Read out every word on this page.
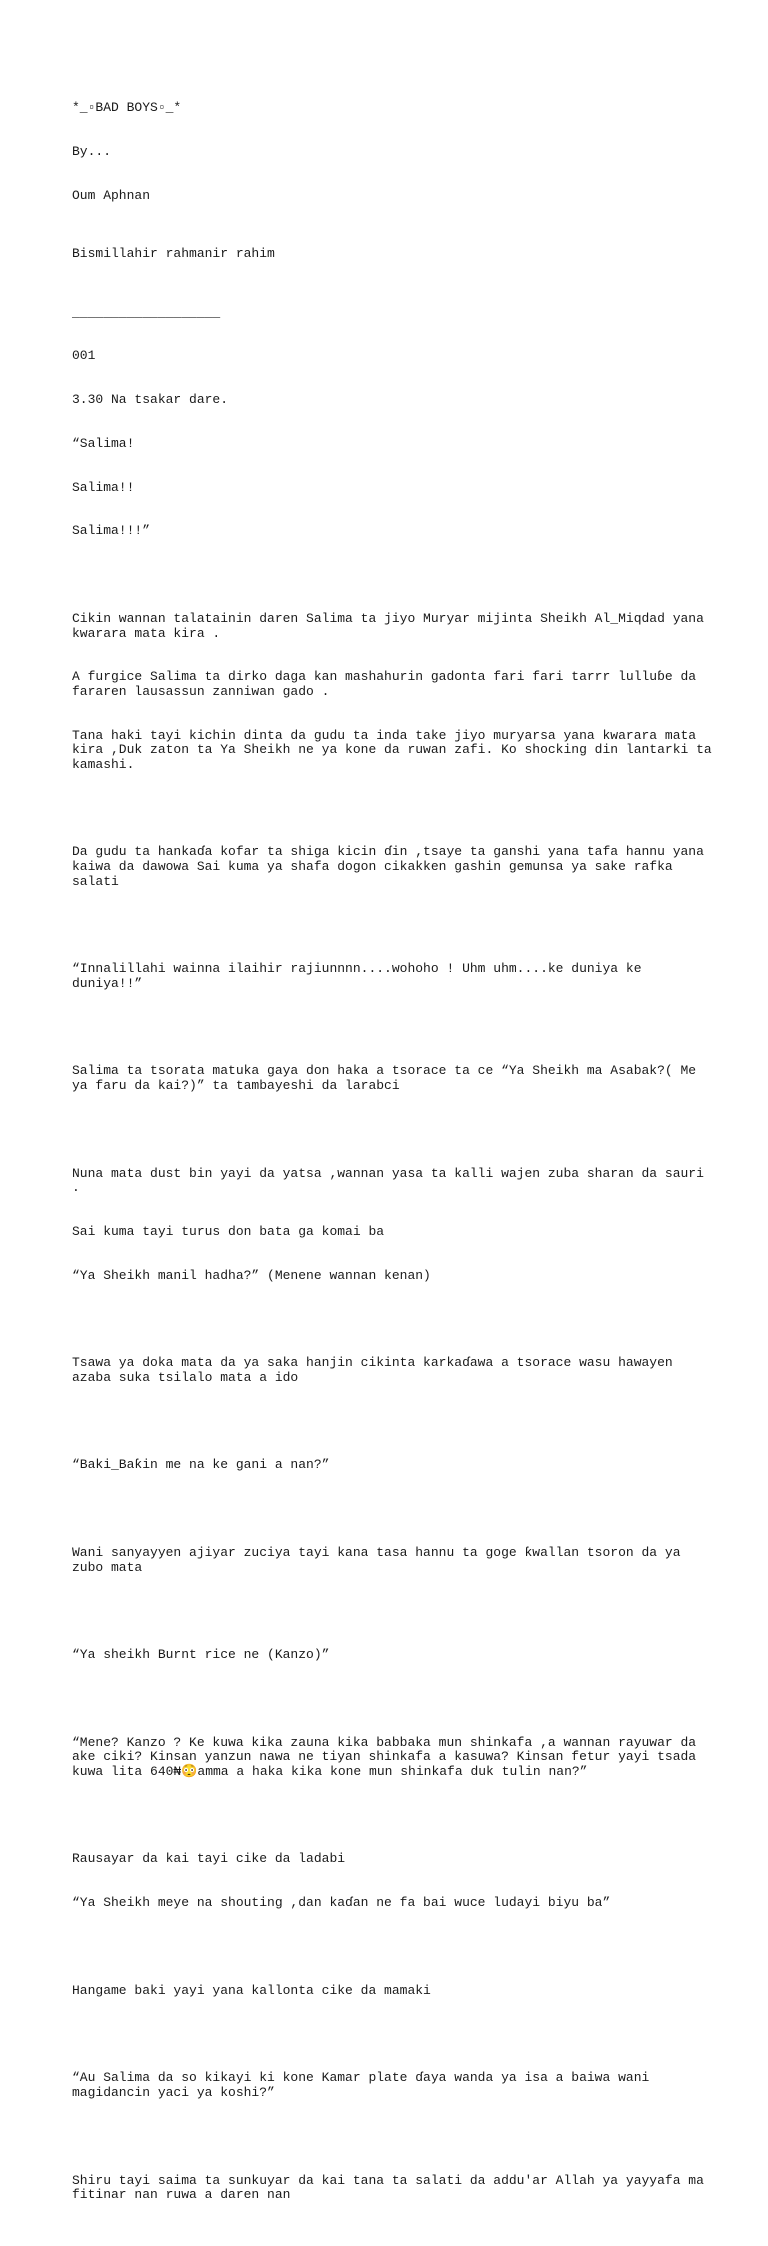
*_▫BAD BOYS▫_*

By...

Oum Aphnan

Bismillahir rahmanir rahim

___________________

001

3.30 Na tsakar dare.

“Salima!

Salima!!

Salima!!!”

Cikin wannan talatainin daren Salima ta jiyo Muryar mijinta Sheikh Al_Miqdad yana kwarara mata kira .

A furgice Salima ta dirko daga kan mashahurin gadonta fari fari tarrr lulluɓe da fararen lausassun zanniwan gado .

Tana haki tayi kichin dinta da gudu ta inda take jiyo muryarsa yana kwarara mata kira ,Duk zaton ta Ya Sheikh ne ya kone da ruwan zafi. Ko shocking din lantarki ta kamashi.

Da gudu ta hankaɗa kofar ta shiga kicin ɗin ,tsaye ta ganshi yana tafa hannu yana kaiwa da dawowa Sai kuma ya shafa dogon cikakken gashin gemunsa ya sake rafka salati

“Innalillahi wainna ilaihir rajiunnnn....wohoho ! Uhm uhm....ke duniya ke duniya!!”

Salima ta tsorata matuka gaya don haka a tsorace ta ce “Ya Sheikh ma Asabak?( Me ya faru da kai?)” ta tambayeshi da larabci

Nuna mata dust bin yayi da yatsa ,wannan yasa ta kalli wajen zuba sharan da sauri .

Sai kuma tayi turus don bata ga komai ba

“Ya Sheikh manil hadha?” (Menene wannan kenan)

Tsawa ya doka mata da ya saka hanjin cikinta karkaɗawa a tsorace wasu hawayen azaba suka tsilalo mata a ido

“Baki_Baƙin me na ke gani a nan?”

Wani sanyayyen ajiyar zuciya tayi kana tasa hannu ta goge ƙwallan tsoron da ya zubo mata

“Ya sheikh Burnt rice ne (Kanzo)”

“Mene? Kanzo ? Ke kuwa kika zauna kika babbaka mun shinkafa ,a wannan rayuwar da ake ciki? Kinsan yanzun nawa ne tiyan shinkafa a kasuwa? Kinsan fetur yayi tsada kuwa lita 640₦😳amma a haka kika kone mun shinkafa duk tulin nan?”

Rausayar da kai tayi cike da ladabi

“Ya Sheikh meye na shouting ,dan kaɗan ne fa bai wuce ludayi biyu ba”

Hangame baki yayi yana kallonta cike da mamaki

“Au Salima da so kikayi ki kone Kamar plate ɗaya wanda ya isa a baiwa wani magidancin yaci ya koshi?”

Shiru tayi saima ta sunkuyar da kai tana ta salati da addu'ar Allah ya yayyafa ma fitinar nan ruwa a daren nan
